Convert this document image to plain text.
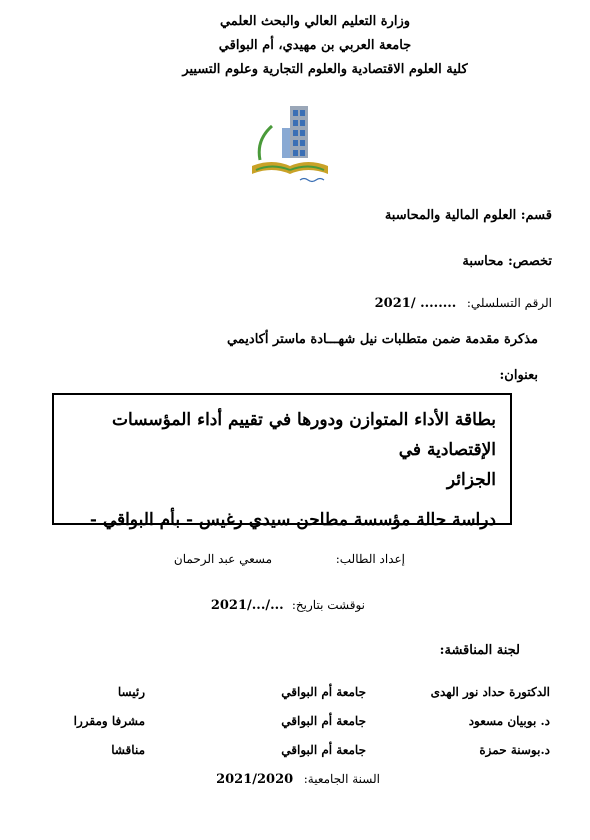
وزارة التعليم العالي والبحث العلمي
جامعة العربي بن مهيدي، أم البواقي
كلية العلوم الاقتصادية والعلوم التجارية وعلوم التسيير
قسم: العلوم المالية والمحاسبة
تخصص: محاسبة
الرقم التسلسلي: ........ /2021
مذكرة مقدمة ضمن متطلبات نيل شهـــادة ماستر أكاديمي
بعنوان:
بطاقة الأداء المتوازن ودورها في تقييم أداء المؤسسات الإقتصادية في
الجزائر
دراسة حالة مؤسسة مطاحن سيدي رغيس - بأم البواقي -
إعداد الطالب:
مسعي عبد الرحمان
نوقشت بتاريخ: .../.../2021
لجنة المناقشة:
الدكتورة حداد نور الهدى
جامعة أم البواقي
رئيسا
د. بوبيان مسعود
جامعة أم البواقي
مشرفا ومقررا
د.بوسنة حمزة
جامعة أم البواقي
مناقشا
السنة الجامعية: 2021/2020
